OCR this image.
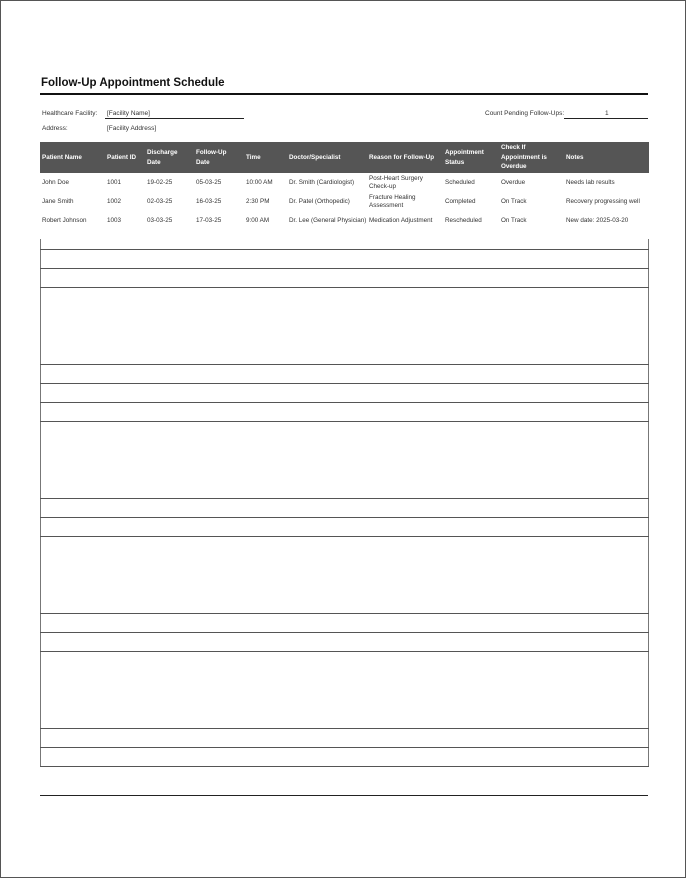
Follow-Up Appointment Schedule
Healthcare Facility: [Facility Name]
Address:	[Facility Address]
Count Pending Follow-Ups:	1
Patient Name	Patient ID	Discharge Date	Follow-Up Date	Time	Doctor/Specialist	Reason for Follow-Up	Appointment Status	Check If Appointment is Overdue	Notes
John Doe	1001	19-02-25	05-03-25	10:00 AM	Dr. Smith (Cardiologist)	Post-Heart Surgery Check-up	Scheduled	Overdue	Needs lab results
Jane Smith	1002	02-03-25	16-03-25	2:30 PM	Dr. Patel (Orthopedic)	Fracture Healing Assessment	Completed	On Track	Recovery progressing well
Robert Johnson	1003	03-03-25	17-03-25	9:00 AM	Dr. Lee (General Physician)	Medication Adjustment	Rescheduled	On Track	New date: 2025-03-20
